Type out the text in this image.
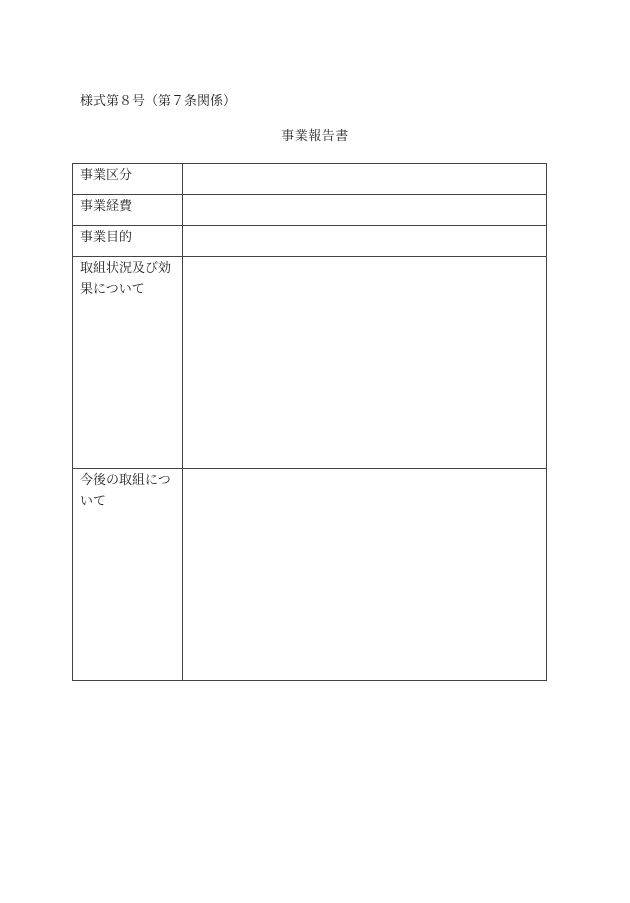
様式第８号（第７条関係）
事業報告書
事業区分	
事業経費	
事業目的	
取組状況及び効果について	
今後の取組について	
